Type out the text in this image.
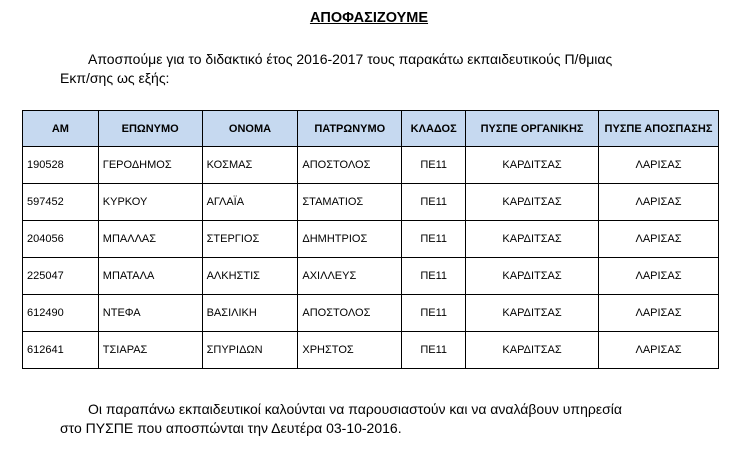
ΑΠΟΦΑΣΙΖΟΥΜΕ
Αποσπούμε για το διδακτικό έτος 2016-2017 τους παρακάτω εκπαιδευτικούς Π/θμιας
Εκπ/σης ως εξής:
ΑΜ	ΕΠΩΝΥΜΟ	ΟΝΟΜΑ	ΠΑΤΡΩΝΥΜΟ	ΚΛΑΔΟΣ	ΠΥΣΠΕ ΟΡΓΑΝΙΚΗΣ	ΠΥΣΠΕ ΑΠΟΣΠΑΣΗΣ
190528	ΓΕΡΟΔΗΜΟΣ	ΚΟΣΜΑΣ	ΑΠΟΣΤΟΛΟΣ	ΠΕ11	ΚΑΡΔΙΤΣΑΣ	ΛΑΡΙΣΑΣ
597452	ΚΥΡΚΟΥ	ΑΓΛΑΪΑ	ΣΤΑΜΑΤΙΟΣ	ΠΕ11	ΚΑΡΔΙΤΣΑΣ	ΛΑΡΙΣΑΣ
204056	ΜΠΑΛΛΑΣ	ΣΤΕΡΓΙΟΣ	ΔΗΜΗΤΡΙΟΣ	ΠΕ11	ΚΑΡΔΙΤΣΑΣ	ΛΑΡΙΣΑΣ
225047	ΜΠΑΤΑΛΑ	ΑΛΚΗΣΤΙΣ	ΑΧΙΛΛΕΥΣ	ΠΕ11	ΚΑΡΔΙΤΣΑΣ	ΛΑΡΙΣΑΣ
612490	ΝΤΕΦΑ	ΒΑΣΙΛΙΚΗ	ΑΠΟΣΤΟΛΟΣ	ΠΕ11	ΚΑΡΔΙΤΣΑΣ	ΛΑΡΙΣΑΣ
612641	ΤΣΙΑΡΑΣ	ΣΠΥΡΙΔΩΝ	ΧΡΗΣΤΟΣ	ΠΕ11	ΚΑΡΔΙΤΣΑΣ	ΛΑΡΙΣΑΣ
Οι παραπάνω εκπαιδευτικοί καλούνται να παρουσιαστούν και να αναλάβουν υπηρεσία
στο ΠΥΣΠΕ που αποσπώνται την Δευτέρα 03-10-2016.
